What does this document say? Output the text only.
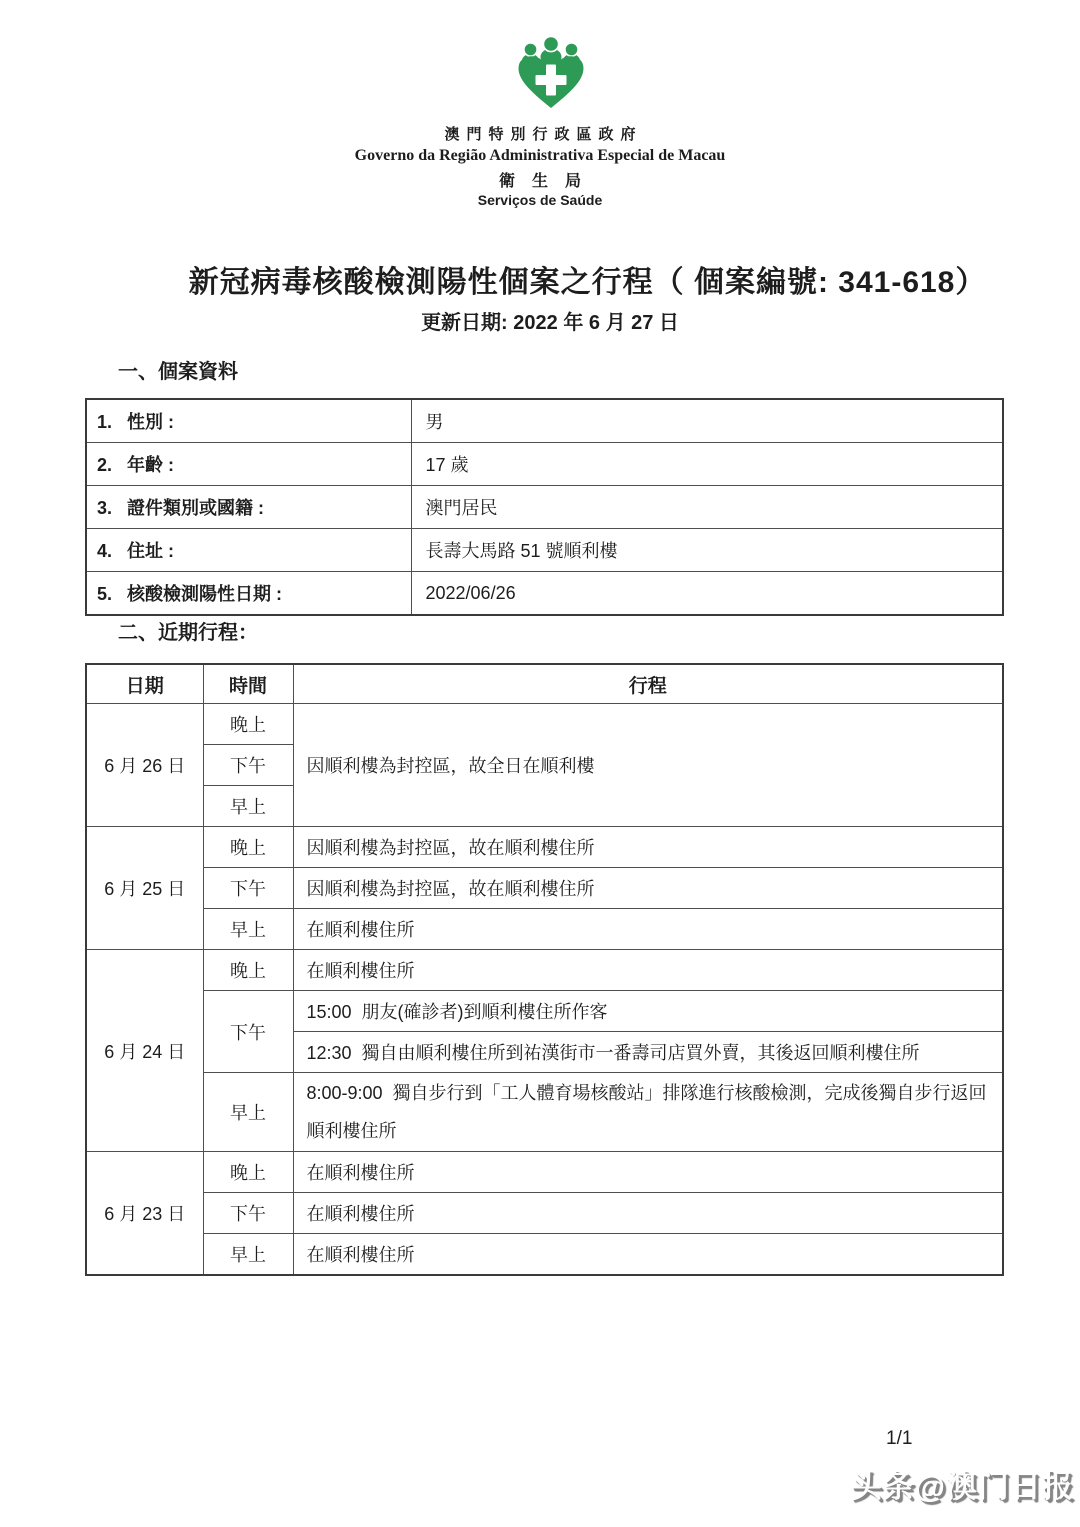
澳門特別行政區政府
Governo da Região Administrativa Especial de Macau
衛生局
Serviços de Saúde
新冠病毒核酸檢測陽性個案之行程（ 個案編號: 341-618）
更新日期: 2022 年 6 月 27 日
一、個案資料
1.   性別 :	男
2.   年齡 :	17 歲
3.   證件類別或國籍 :	澳門居民
4.   住址 :	長壽大馬路 51 號順利樓
5.   核酸檢測陽性日期 :	2022/06/26
二、近期行程：
日期	時間	行程
6 月 26 日	晚上	因順利樓為封控區，故全日在順利樓
	下午	
	早上	
6 月 25 日	晚上	因順利樓為封控區，故在順利樓住所
	下午	因順利樓為封控區，故在順利樓住所
	早上	在順利樓住所
6 月 24 日	晚上	在順利樓住所
	下午	15:00  朋友(確診者)到順利樓住所作客
		12:30  獨自由順利樓住所到祐漢街市一番壽司店買外賣，其後返回順利樓住所
	早上	8:00-9:00  獨自步行到「工人體育場核酸站」排隊進行核酸檢測，完成後獨自步行返回順利樓住所
6 月 23 日	晚上	在順利樓住所
	下午	在順利樓住所
	早上	在順利樓住所
1/1
头条@澳门日报
